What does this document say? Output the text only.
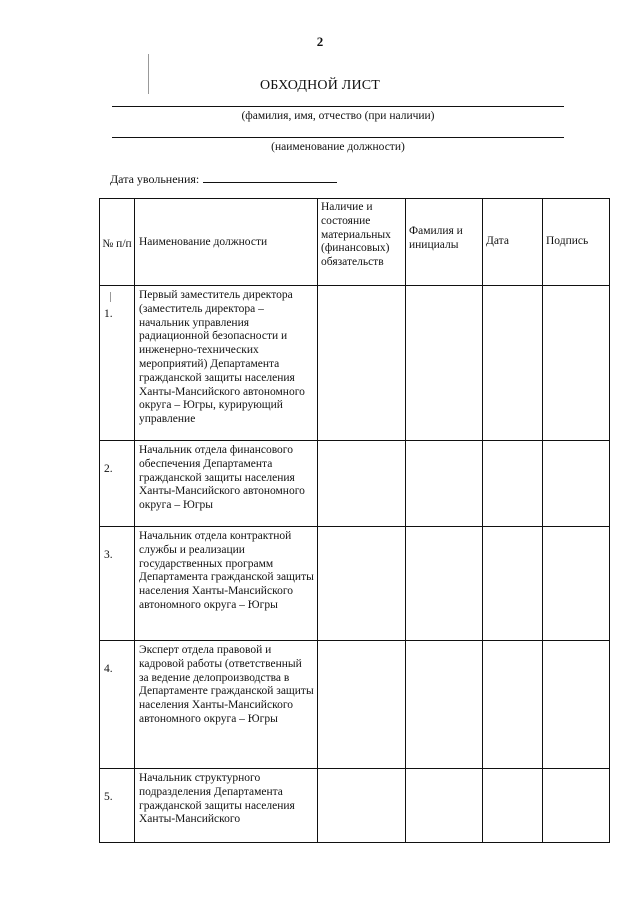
2
ОБХОДНОЙ ЛИСТ
(фамилия, имя, отчество (при наличии)
(наименование должности)
Дата увольнения:
№ п/п	Наименование должности	Наличие и состояние материальных (финансовых) обязательств	Фамилия и инициалы	Дата	Подпись

1.	Первый заместитель директора (заместитель директора – начальник управления радиационной безопасности и инженерно-технических мероприятий) Департамента гражданской защиты населения Ханты-Мансийского автономного округа – Югры, курирующий управление				

2.	Начальник отдела финансового обеспечения Департамента гражданской защиты населения Ханты-Мансийского автономного округа – Югры				

3.	Начальник отдела контрактной службы и реализации государственных программ Департамента гражданской защиты населения Ханты-Мансийского автономного округа – Югры				

4.	Эксперт отдела правовой и кадровой работы (ответственный за ведение делопроизводства в Департаменте гражданской защиты населения Ханты-Мансийского автономного округа – Югры				

5.	Начальник структурного подразделения Департамента гражданской защиты населения Ханты-Мансийского				
